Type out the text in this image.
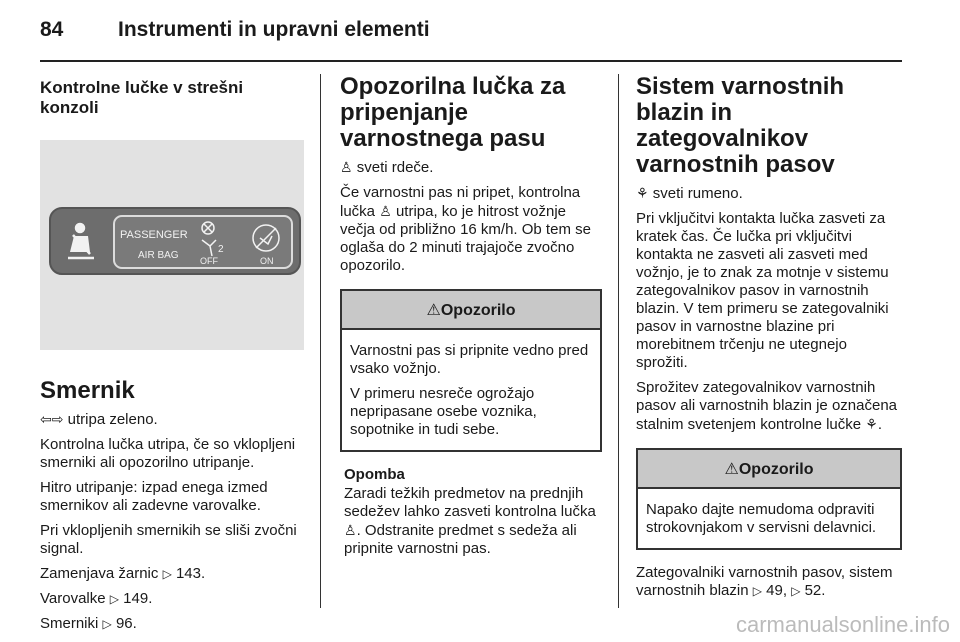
84	Instrumenti in upravni elementi
Kontrolne lučke v strešni konzoli
PASSENGER
AIR BAG
2
OFF	ON
Smernik

⇦⇨ utripa zeleno.

Kontrolna lučka utripa, če so vklopljeni smerniki ali opozorilno utripanje.

Hitro utripanje: izpad enega izmed smernikov ali zadevne varovalke.

Pri vklopljenih smernikih se sliši zvočni signal.

Zamenjava žarnic ▷ 143.

Varovalke ▷ 149.

Smerniki ▷ 96.

Opozorilna lučka za pripenjanje varnostnega pasu

♙ sveti rdeče.

Če varnostni pas ni pripet, kontrolna lučka ♙ utripa, ko je hitrost vožnje večja od približno 16 km/h. Ob tem se oglaša do 2 minuti trajajoče zvočno opozorilo.

⚠Opozorilo

Varnostni pas si pripnite vedno pred vsako vožnjo.

V primeru nesreče ogrožajo nepripasane osebe voznika, sopotnike in tudi sebe.

Opomba

Zaradi težkih predmetov na prednjih sedežev lahko zasveti kontrolna lučka ♙. Odstranite predmet s sedeža ali pripnite varnostni pas.

Sistem varnostnih blazin in zategovalnikov varnostnih pasov

⚘ sveti rumeno.

Pri vključitvi kontakta lučka zasveti za kratek čas. Če lučka pri vključitvi kontakta ne zasveti ali zasveti med vožnjo, je to znak za motnje v sistemu zategovalnikov pasov in varnostnih blazin. V tem primeru se zategovalniki pasov in varnostne blazine pri morebitnem trčenju ne utegnejo sprožiti.

Sprožitev zategovalnikov varnostnih pasov ali varnostnih blazin je označena stalnim svetenjem kontrolne lučke ⚘.

⚠Opozorilo

Napako dajte nemudoma odpraviti strokovnjakom v servisni delavnici.

Zategovalniki varnostnih pasov, sistem varnostnih blazin ▷ 49, ▷ 52.

carmanualsonline.info
